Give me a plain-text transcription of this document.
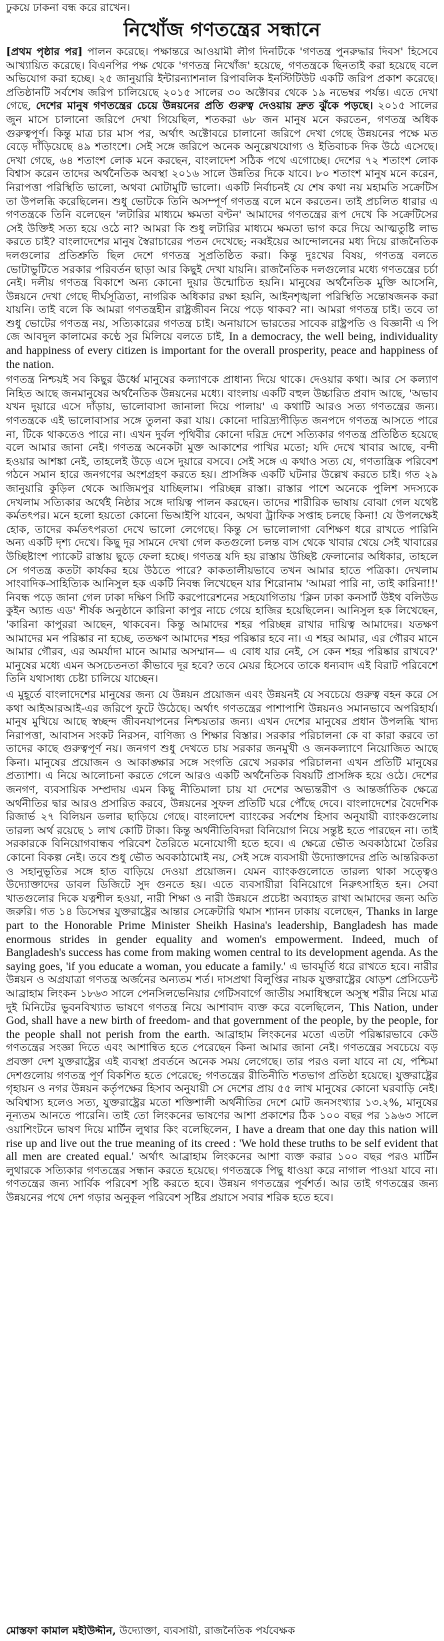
ঢুকয়ে ঢাকনা বন্ধ করে রাখেন।
নিখোঁজ গণতন্ত্রের সন্ধানে

[প্রথম পৃষ্ঠার পর] পালন করেছে। পক্ষান্তরে আওয়ামী লীগ দিনটিকে 'গণতন্ত্র পুনরুদ্ধার দিবস' হিসেবে আখ্যায়িত করেছে। বিএনপির পক্ষ থেকে 'গণতন্ত্র নিখোঁজ' হয়েছে, গণতন্ত্রকে ছিনতাই করা হয়েছে বলে অভিযোগ করা হচ্ছে। ২৫ জানুয়ারি ইন্টারন্যাশনাল রিপাবলিক ইনস্টিটিউট একটি জরিপ প্রকাশ করেছে। প্রতিষ্ঠানটি সর্বশেষ জরিপ চালিয়েছে ২০১৫ সালের ৩০ অক্টোবর থেকে ১৯ নভেম্বর পর্যন্ত। এতে দেখা গেছে, দেশের মানুষ গণতন্ত্রের চেয়ে উন্নয়নের প্রতি গুরুত্ব দেওয়ায় দ্রুত ঝুঁকে পড়ছে। ২০১৫ সালের জুন মাসে চালানো জরিপে দেখা গিয়েছিল, শতকরা ৬৮ জন মানুষ মনে করতেন, গণতন্ত্র অধিক গুরুত্বপূর্ণ। কিন্তু মাত্র চার মাস পর, অর্থাৎ অক্টোবরে চালানো জরিপে দেখা গেছে উন্নয়নের পক্ষে মত বেড়ে দাঁড়িয়েছে ৪৯ শতাংশে। সেই সঙ্গে জরিপে অনেক অনুল্লেখযোগ্য ও ইতিবাচক দিক উঠে এসেছে। দেখা গেছে, ৬৪ শতাংশ লোক মনে করছেন, বাংলাদেশ সঠিক পথে এগোচ্ছে। দেশের ৭২ শতাংশ লোক বিশ্বাস করেন তাদের অর্থনৈতিক অবস্থা ২০১৬ সালে উন্নতির দিকে যাবে। ৮০ শতাংশ মানুষ মনে করেন, নিরাপত্তা পরিস্থিতি ভালো, অথবা মোটামুটি ভালো। একটি নির্বাচনই যে শেষ কথা নয় মহামতি সক্রেটিস তা উপলব্ধি করেছিলেন। শুধু ভোটকে তিনি অসম্পূর্ণ গণতন্ত্র বলে মনে করতেন। তাই প্রচলিত ধারার এ গণতন্ত্রকে তিনি বলেছেন 'লটারির মাধ্যমে ক্ষমতা বণ্টন' আমাদের গণতন্ত্রের রূপ দেখে কি সক্রেটিসের সেই উক্তিই সত্য হয়ে ওঠে না? আমরা কি শুধু লটারির মাধ্যমে ক্ষমতা ভাগ করে দিয়ে আত্মতুষ্টি লাভ করতে চাই? বাংলাদেশের মানুষ স্বৈরাচারের পতন দেখেছে; নব্বইয়ের আন্দোলনের মধ্য দিয়ে রাজনৈতিক দলগুলোর প্রতিশ্রুতি ছিল দেশে গণতন্ত্র সুপ্রতিষ্ঠিত করা। কিন্তু দুঃখের বিষয়, গণতন্ত্র বলতে ভোটাভুটিতে সরকার পরিবর্তন ছাড়া আর কিছুই দেখা যায়নি। রাজনৈতিক দলগুলোর মধ্যে গণতন্ত্রের চর্চা নেই। দলীয় গণতন্ত্র বিকাশে অন্য কোনো দুয়ার উন্মোচিত হয়নি। মানুষের অর্থনৈতিক মুক্তি আসেনি, উন্নয়নে দেখা গেছে দীর্ঘসূত্রিতা, নাগরিক অধিকার রক্ষা হয়নি, আইনশৃঙ্খলা পরিস্থিতি সন্তোষজনক করা যায়নি। তাই বলে কি আমরা গণতন্ত্রহীন রাষ্ট্রজীবন নিয়ে পড়ে থাকব? না। আমরা গণতন্ত্র চাই। তবে তা শুধু ভোটের গণতন্ত্র নয়, সত্যিকারের গণতন্ত্র চাই। অনায়াসে ভারতের সাবেক রাষ্ট্রপতি ও বিজ্ঞানী এ পি জে আবদুল কালামের কণ্ঠে সুর মিলিয়ে বলতে চাই, In a democracy, the well being, individuality and happiness of every citizen is important for the overall prosperity, peace and happiness of the nation.

গণতন্ত্র নিশ্চয়ই সব কিছুর ঊর্ধ্বে মানুষের কল্যাণকে প্রাধান্য দিয়ে থাকে। দেওয়ার কথা। আর সে কল্যাণ নিহিত আছে জনমানুষের অর্থনৈতিক উন্নয়নের মধ্যে। বাংলায় একটি বহুল উচ্চারিত প্রবাদ আছে, 'অভাব যখন দুয়ারে এসে দাঁড়ায়, ভালোবাসা জানালা দিয়ে পালায়' এ কথাটি আরও সত্য গণতন্ত্রের জন্য। গণতন্ত্রকে এই ভালোবাসার সঙ্গে তুলনা করা যায়। কোনো দারিদ্র্যপীড়িত জনপদে গণতন্ত্র আসতে পারে না, টিকে থাকতেও পারে না। এখন দুর্বল পৃথিবীর কোনো দরিদ্র দেশে সত্যিকার গণতন্ত্র প্রতিষ্ঠিত হয়েছে বলে আমার জানা নেই। গণতন্ত্র অনেকটা মুক্ত আকাশের পাখির মতো; যদি দেখে খাবার আছে, বন্দী হওয়ার আশঙ্কা নেই, তাহলেই উড়ে এসে দুয়ারে বসবে। সেই সঙ্গে এ কথাও সত্য যে, গণতান্ত্রিক পরিবেশ গঠনে সমান হারে জনগণের অংশগ্রহণ করতে হয়। প্রাসঙ্গিক একটি ঘটনার উল্লেখ করতে চাই। গত ২৯ জানুয়ারি কুড়িল থেকে আজিমপুর যাচ্ছিলাম। পরিচ্ছন্ন রাস্তা। রাস্তার পাশে অনেকে পুলিশ সদস্যকে দেখলাম সত্যিকার অর্থেই নিষ্ঠার সঙ্গে দায়িত্ব পালন করছেন। তাদের শারীরিক ভাষায় বোঝা গেল যথেষ্ট কর্মতৎপর। মনে হলো হয়তো কোনো ভিআইপি যাবেন, অথবা ট্রাফিক সপ্তাহ চলছে কিনা! যে উপলক্ষেই হোক, তাদের কর্মতৎপরতা দেখে ভালো লেগেছে। কিন্তু সে ভালোলাগা বেশিক্ষণ ধরে রাখতে পারিনি অন্য একটি দৃশ্য দেখে। কিছু দূর সামনে দেখা গেল কতগুলো চলন্ত বাস থেকে খাবার খেয়ে সেই খাবারের উচ্ছিষ্টাংশ প্যাকেট রাস্তায় ছুড়ে ফেলা হচ্ছে। গণতন্ত্র যদি হয় রাস্তায় উচ্ছিষ্ট ফেলানোর অধিকার, তাহলে সে গণতন্ত্র কতটা কার্যকর হয়ে উঠতে পারে? কাকতালীয়ভাবে তখন আমার হাতে পত্রিকা। দেখলাম সাংবাদিক-সাহিত্যিক আনিসুল হক একটি নিবন্ধ লিখেছেন যার শিরোনাম 'আমরা পারি না, তাই কারিনা!!' নিবন্ধ পড়ে জানা গেল ঢাকা দক্ষিণ সিটি করপোরেশনের সহযোগিতায় 'ক্লিন ঢাকা কনসার্ট উইথ বলিউড কুইন অ্যান্ড এড' শীর্ষক অনুষ্ঠানে কারিনা কাপুর নাচে গেয়ে হাজির হয়েছিলেন। আনিসুল হক লিখেছেন, 'কারিনা কাপুররা আছেন, থাকবেন। কিন্তু আমাদের শহর পরিচ্ছন্ন রাখার দায়িত্ব আমাদের। যতক্ষণ আমাদের মন পরিষ্কার না হচ্ছে, ততক্ষণ আমাদের শহর পরিষ্কার হবে না। এ শহর আমার, এর গৌরব মানে আমার গৌরব, এর অমর্যাদা মানে আমার অসম্মান— এ বোধ যার নেই, সে কেন শহর পরিষ্কার রাখবে?' মানুষের মধ্যে এমন অসচেতনতা কীভাবে দূর হবে? তবে মেয়র হিসেবে তাকে ধন্যবাদ এই বিরাট পরিবেশে তিনি যথাসাধ্য চেষ্টা চালিয়ে যাচ্ছেন।

এ মুহূর্তে বাংলাদেশের মানুষের জন্য যে উন্নয়ন প্রয়োজন এবং উন্নয়নই যে সবচেয়ে গুরুত্ব বহন করে সে কথা আইআরআই-এর জরিপে ফুটে উঠেছে। অর্থাৎ গণতন্ত্রের পাশাপাশি উন্নয়নও সমানভাবে অপরিহার্য। মানুষ মুখিয়ে আছে স্বচ্ছন্দ জীবনযাপনের নিশ্চয়তার জন্য। এখন দেশের মানুষের প্রধান উপলব্ধি খাদ্য নিরাপত্তা, আবাসন সংকট নিরসন, বাণিজ্য ও শিক্ষার বিস্তার। সরকার পরিচালনা কে বা কারা করবে তা তাদের কাছে গুরুত্বপূর্ণ নয়। জনগণ শুধু দেখতে চায় সরকার জনমুখী ও জনকল্যাণে নিয়োজিত আছে কিনা। মানুষের প্রয়োজন ও আকাঙ্ক্ষার সঙ্গে সংগতি রেখে সরকার পরিচালনা এখন প্রতিটি মানুষের প্রত্যাশা। এ নিয়ে আলোচনা করতে গেলে আরও একটি অর্থনৈতিক বিষয়টি প্রাসঙ্গিক হয়ে ওঠে। দেশের জনগণ, ব্যবসায়িক সম্প্রদায় এমন কিছু নীতিমালা চায় যা দেশের অভ্যন্তরীণ ও আন্তর্জাতিক ক্ষেত্রে অর্থনীতির দ্বার আরও প্রসারিত করবে, উন্নয়নের সুফল প্রতিটি ঘরে পৌঁছে দেবে। বাংলাদেশের বৈদেশিক রিজার্ভ ২৭ বিলিয়ন ডলার ছাড়িয়ে গেছে। বাংলাদেশ ব্যাংকের সর্বশেষ হিসাব অনুযায়ী ব্যাংকগুলোয় তারল্য অর্থ রয়েছে ১ লাখ কোটি টাকা। কিন্তু অর্থনীতিবিদরা বিনিয়োগ নিয়ে সন্তুষ্ট হতে পারছেন না। তাই সরকারকে বিনিয়োগবান্ধব পরিবেশ তৈরিতে মনোযোগী হতে হবে। এ ক্ষেত্রে ভৌত অবকাঠামো তৈরির কোনো বিকল্প নেই। তবে শুধু ভৌত অবকাঠামোই নয়, সেই সঙ্গে ব্যবসায়ী উদ্যোক্তাদের প্রতি আন্তরিকতা ও সহানুভূতির সঙ্গে হাত বাড়িয়ে দেওয়া প্রয়োজন। যেমন ব্যাংকগুলোতে তারল্য থাকা সত্ত্বেও উদ্যোক্তাদের ডাবল ডিজিটে সুদ গুনতে হয়। এতে ব্যবসায়ীরা বিনিয়োগে নিরুৎসাহিত হন। সেবা খাতগুলোর দিকে যত্নশীল হওয়া, নারী শিক্ষা ও নারী উন্নয়নে প্রচেষ্টা অব্যাহত রাখা আমাদের জন্য অতি জরুরি। গত ১৪ ডিসেম্বর যুক্তরাষ্ট্রের আন্তার সেক্রেটারি থমাস শ্যানন ঢাকায় বলেছেন, Thanks in large part to the Honorable Prime Minister Sheikh Hasina's leadership, Bangladesh has made enormous strides in gender equality and women's empowerment. Indeed, much of Bangladesh's success has come from making women central to its development agenda. As the saying goes, 'if you educate a woman, you educate a family.' এ ভাবমূর্তি ধরে রাখতে হবে। নারীর উন্নয়ন ও অগ্রযাত্রা গণতন্ত্র অর্জনের অন্যতম শর্ত। দাসপ্রথা বিলুপ্তির নায়ক যুক্তরাষ্ট্রের ষোড়শ প্রেসিডেন্ট আব্রাহাম লিংকন ১৮৬৩ সালে পেনসিলভেনিয়ার গেটিসবার্গে জাতীয় সমাধিস্থলে অসুস্থ শরীর নিয়ে মাত্র দুই মিনিটের ভুবনবিখ্যাত ভাষণে গণতন্ত্র নিয়ে আশাবাদ ব্যক্ত করে বলেছিলেন, This Nation, under God, shall have a new birth of freedom- and that government of the people, by the people, for the people shall not perish from the earth. আব্রাহাম লিংকনের মতো এতটা পরিষ্কারভাবে কেউ গণতন্ত্রের সংজ্ঞা দিতে এবং আশান্বিত হতে পেরেছেন কিনা আমার জানা নেই। গণতন্ত্রের সবচেয়ে বড় প্রবক্তা দেশ যুক্তরাষ্ট্রের এই ব্যবস্থা প্রবর্তনে অনেক সময় লেগেছে। তার পরও বলা যাবে না যে, পশ্চিমা দেশগুলোয় গণতন্ত্র পূর্ণ বিকশিত হতে পেরেছে; গণতন্ত্রের রীতিনীতি শতভাগ প্রতিষ্ঠা হয়েছে। যুক্তরাষ্ট্রের গৃহায়ন ও নগর উন্নয়ন কর্তৃপক্ষের হিসাব অনুযায়ী সে দেশের প্রায় ৫৫ লাখ মানুষের কোনো ঘরবাড়ি নেই। অবিশ্বাস্য হলেও সত্য, যুক্তরাষ্ট্রের মতো শক্তিশালী অর্থনীতির দেশে মোট জনসংখ্যার ১৩.২%, মানুষের নূন্যতম আনতে পারেনি। তাই তো লিংকনের ভাষণের আশা প্রকাশের ঠিক ১০০ বছর পর ১৯৬৩ সালে ওয়াশিংটনে ভাষণ দিয়ে মার্টিন লুথার কিং বলেছিলেন, I have a dream that one day this nation will rise up and live out the true meaning of its creed : 'We hold these truths to be self evident that all men are created equal.' অর্থাৎ আব্রাহাম লিংকনের আশা ব্যক্ত করার ১০০ বছর পরও মার্টিন লুথারকে সত্যিকার গণতন্ত্রের সন্ধান করতে হয়েছে। গণতন্ত্রকে পিছু ধাওয়া করে নাগাল পাওয়া যাবে না। গণতন্ত্রের জন্য সার্বিক পরিবেশ সৃষ্টি করতে হবে। উন্নয়ন গণতন্ত্রের পূর্বশর্ত। আর তাই গণতন্ত্রের জন্য উন্নয়নের পথে দেশ গড়ার অনুকূল পরিবেশ সৃষ্টির প্রয়াসে সবার শরিক হতে হবে।

মোস্তফা কামাল মহীউদ্দীন, উদ্যোক্তা, ব্যবসায়ী, রাজনৈতিক পর্যবেক্ষক
